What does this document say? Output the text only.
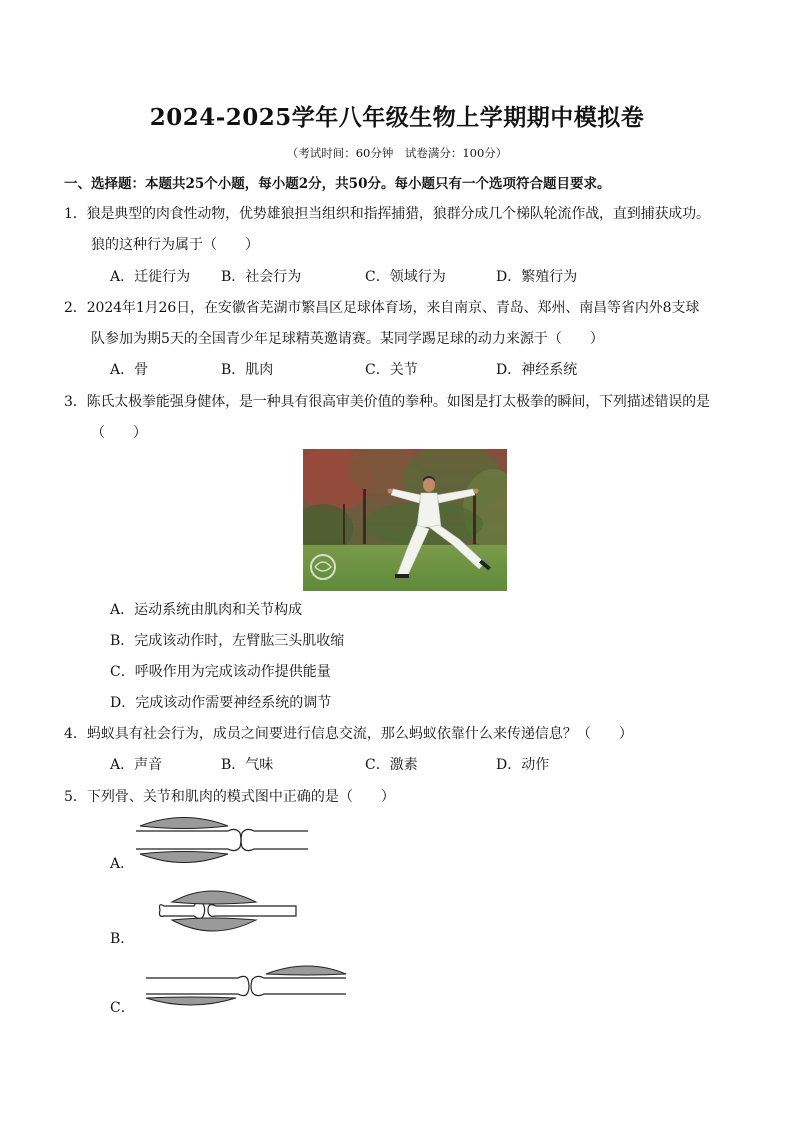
2024-2025学年八年级生物上学期期中模拟卷
（考试时间：60分钟　试卷满分：100分）
一、选择题：本题共25个小题，每小题2分，共50分。每小题只有一个选项符合题目要求。
1．狼是典型的肉食性动物，优势雄狼担当组织和指挥捕猎，狼群分成几个梯队轮流作战，直到捕获成功。
狼的这种行为属于（　　）
A．迁徙行为 B．社会行为	C．领域行为	D．繁殖行为
2．2024年1月26日，在安徽省芜湖市繁昌区足球体育场，来自南京、青岛、郑州、南昌等省内外8支球
队参加为期5天的全国青少年足球精英邀请赛。某同学踢足球的动力来源于（　　）
A．骨	B．肌肉	C．关节	D．神经系统
3．陈氏太极拳能强身健体，是一种具有很高审美价值的拳种。如图是打太极拳的瞬间，下列描述错误的是
（　　）
A．运动系统由肌肉和关节构成
B．完成该动作时，左臂肱三头肌收缩
C．呼吸作用为完成该动作提供能量
D．完成该动作需要神经系统的调节
4．蚂蚁具有社会行为，成员之间要进行信息交流，那么蚂蚁依靠什么来传递信息？（　　）
A．声音	B．气味	C．激素	D．动作
5．下列骨、关节和肌肉的模式图中正确的是（　　）
A．
B．
C．
